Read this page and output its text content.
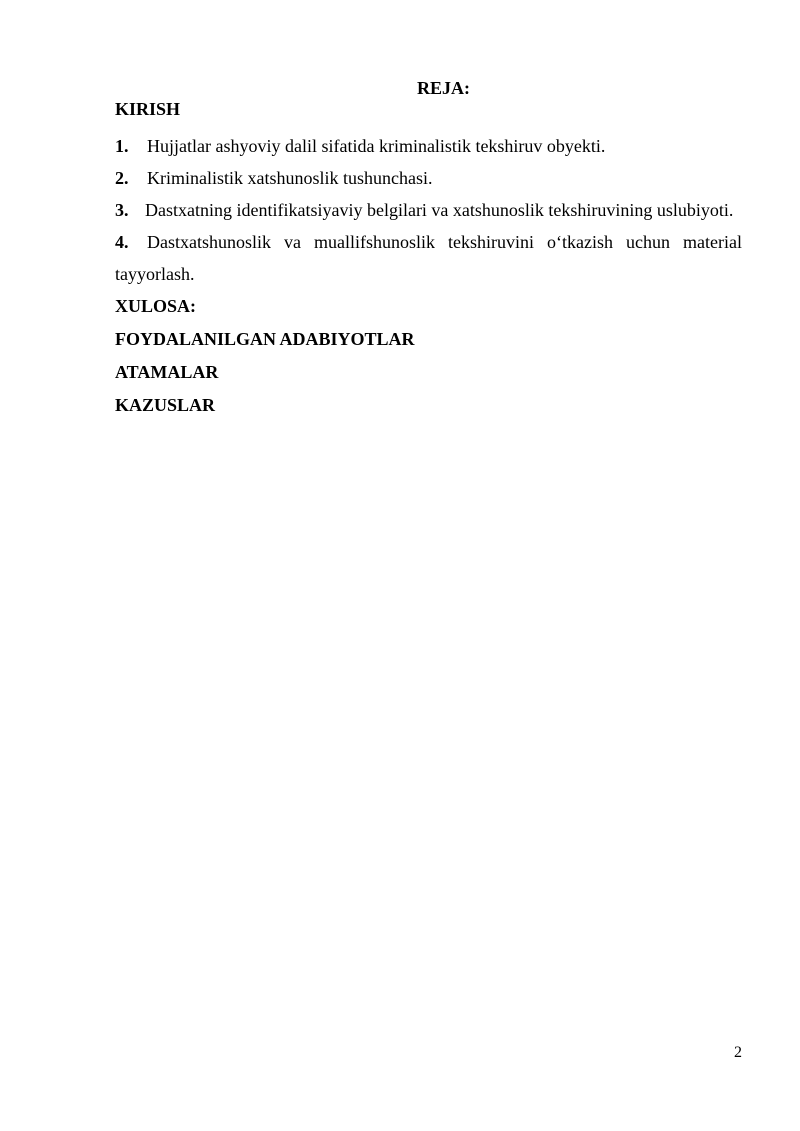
REJA:
KIRISH
1. Hujjatlar ashyoviy dalil sifatida kriminalistik tekshiruv obyekti.
2. Kriminalistik xatshunoslik tushunchasi.
3. Dastxatning identifikatsiyaviy belgilari va xatshunoslik tekshiruvining uslubiyoti.
4. Dastxatshunoslik va muallifshunoslik tekshiruvini o‘tkazish uchun material tayyorlash.
XULOSA:
FOYDALANILGAN ADABIYOTLAR
ATAMALAR
KAZUSLAR
2
